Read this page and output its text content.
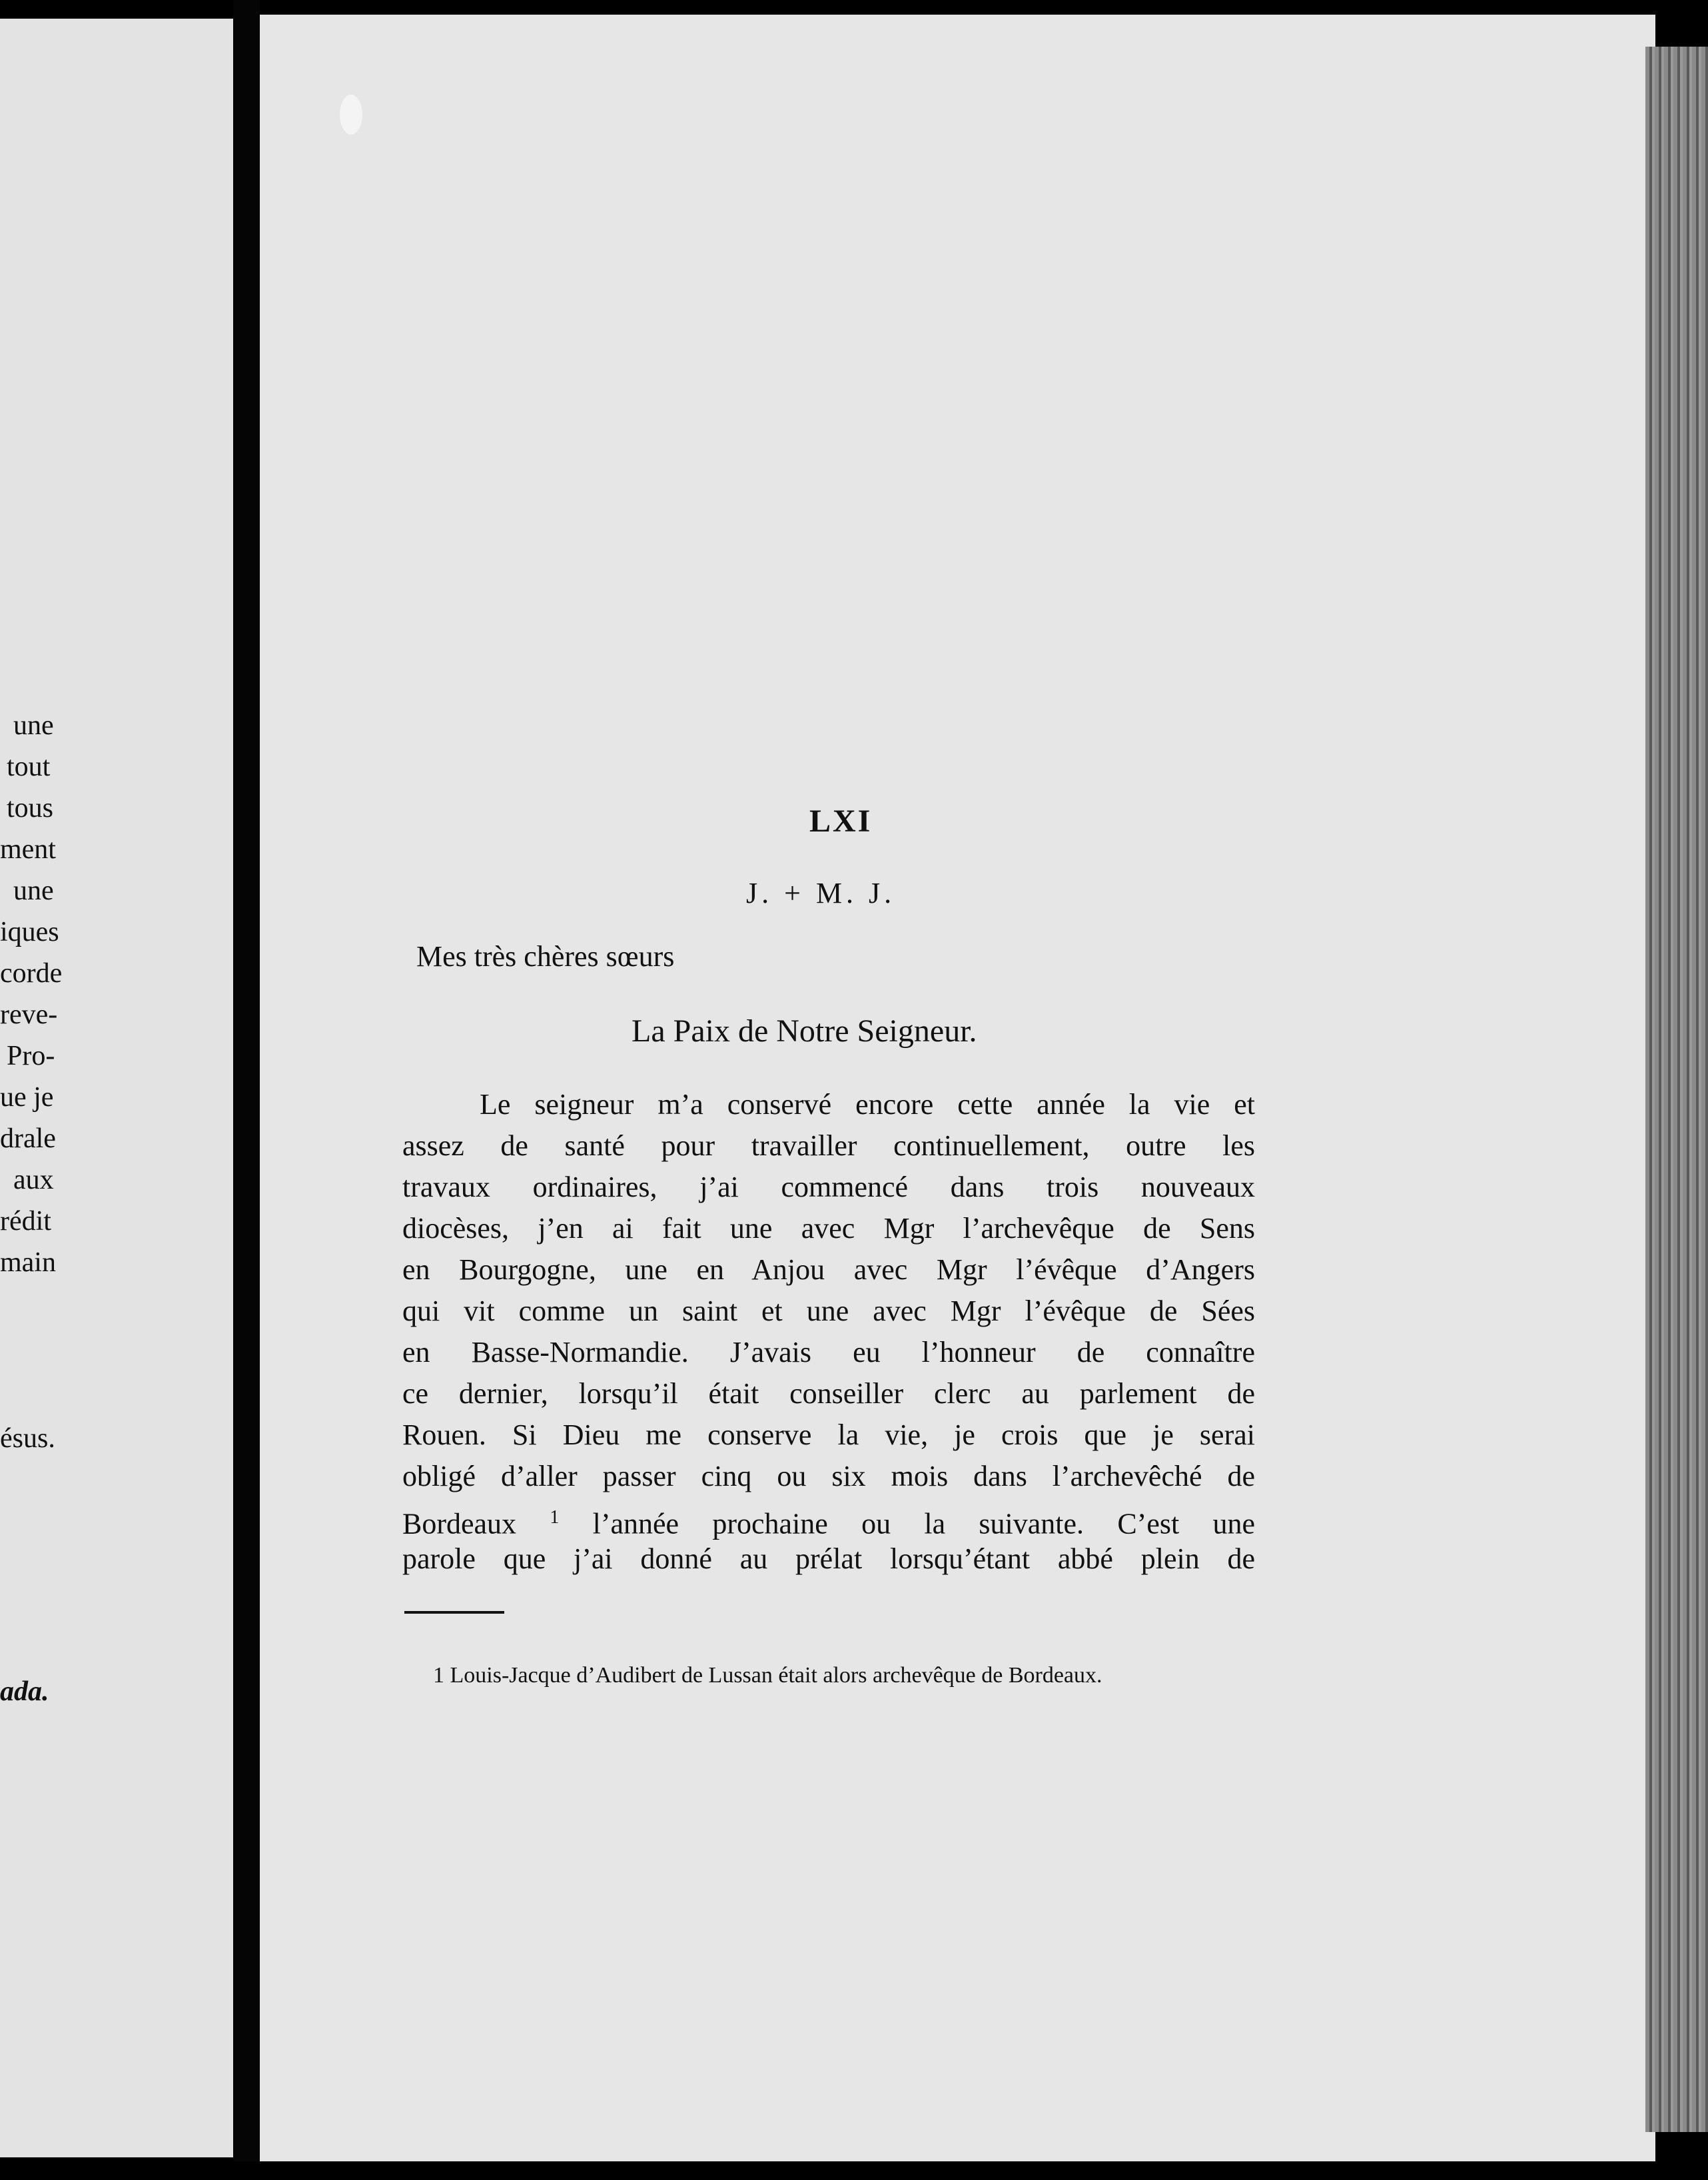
une
tout
tous
ment
une
iques
corde
reve-
Pro-
ue je
drale
aux
rédit
main
ésus.
ada.
LXI
J. + M. J.
Mes très chères sœurs
La Paix de Notre Seigneur.
Le seigneur m’a conservé encore cette année la vie et
assez de santé pour travailler continuellement, outre les
travaux ordinaires, j’ai commencé dans trois nouveaux
diocèses, j’en ai fait une avec Mgr l’archevêque de Sens
en Bourgogne, une en Anjou avec Mgr l’évêque d’Angers
qui vit comme un saint et une avec Mgr l’évêque de Sées
en Basse-Normandie. J’avais eu l’honneur de connaître
ce dernier, lorsqu’il était conseiller clerc au parlement de
Rouen. Si Dieu me conserve la vie, je crois que je serai
obligé d’aller passer cinq ou six mois dans l’archevêché de
Bordeaux $^1$ l’année prochaine ou la suivante. C’est une
parole que j’ai donné au prélat lorsqu’étant abbé plein de
1 Louis-Jacque d’Audibert de Lussan était alors archevêque de Bordeaux.
